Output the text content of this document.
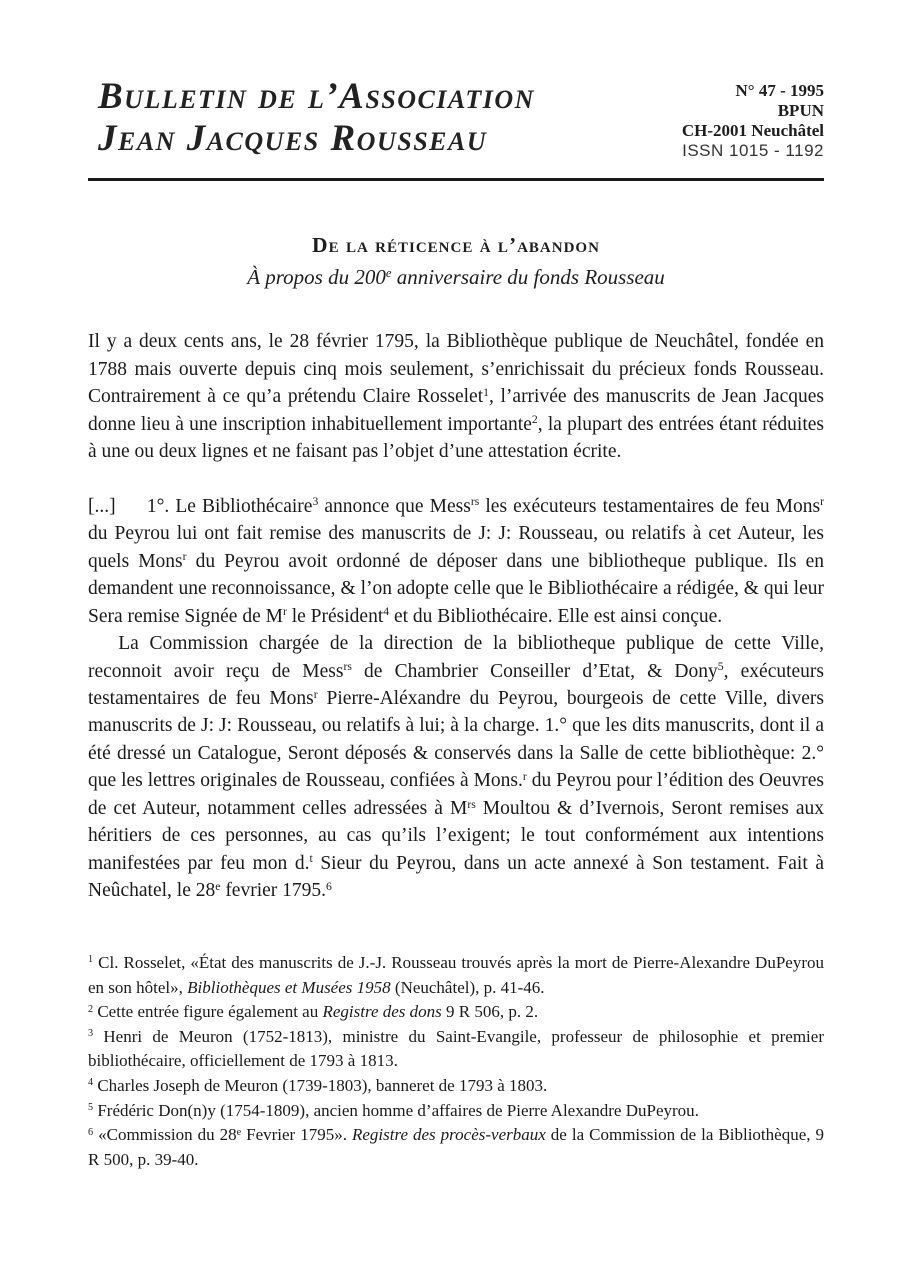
Bulletin de l’Association
Jean Jacques Rousseau
N° 47 - 1995
BPUN
CH-2001 Neuchâtel
ISSN 1015 - 1192
De la réticence à l’abandon
À propos du 200e anniversaire du fonds Rousseau

Il y a deux cents ans, le 28 février 1795, la Bibliothèque publique de Neuchâtel, fondée en 1788 mais ouverte depuis cinq mois seulement, s’enrichissait du précieux fonds Rousseau. Contrairement à ce qu’a prétendu Claire Rosselet$^1$, l’arrivée des manuscrits de Jean Jacques donne lieu à une inscription inhabituellement importante$^2$, la plupart des entrées étant réduites à une ou deux lignes et ne faisant pas l’objet d’une attestation écrite.

[...] 1°. Le Bibliothécaire$^3$ annonce que Mess$^{rs}$ les exécuteurs testamentaires de feu Mons$^r$ du Peyrou lui ont fait remise des manuscrits de J: J: Rousseau, ou relatifs à cet Auteur, les quels Mons$^r$ du Peyrou avoit ordonné de déposer dans une bibliotheque publique. Ils en demandent une reconnoissance, & l’on adopte celle que le Bibliothécaire a rédigée, & qui leur Sera remise Signée de $M^r$ le Président$^4$ et du Bibliothécaire. Elle est ainsi conçue.

La Commission chargée de la direction de la bibliotheque publique de cette Ville, reconnoit avoir reçu de Mess$^{rs}$ de Chambrier Conseiller d’Etat, & Dony$^5$, exécuteurs testamentaires de feu Mons$^r$ Pierre-Aléxandre du Peyrou, bourgeois de cette Ville, divers manuscrits de J: J: Rousseau, ou relatifs à lui; à la charge. 1.° que les dits manuscrits, dont il a été dressé un Catalogue, Seront déposés & conservés dans la Salle de cette bibliothèque: 2.° que les lettres originales de Rousseau, confiées à Mons.$^r$ du Peyrou pour l’édition des Oeuvres de cet Auteur, notamment celles adressées à $M^{rs}$ Moultou & d’Ivernois, Seront remises aux héritiers de ces personnes, au cas qu’ils l’exigent; le tout conformément aux intentions manifestées par feu mon d.$^t$ Sieur du Peyrou, dans un acte annexé à Son testament. Fait à Neûchatel, le 28e fevrier 1795.$^6$

$^1$ Cl. Rosselet, «État des manuscrits de J.-J. Rousseau trouvés après la mort de Pierre-Alexandre DuPeyrou en son hôtel», Bibliothèques et Musées 1958 (Neuchâtel), p. 41-46.

$^2$ Cette entrée figure également au Registre des dons 9 R 506, p. 2.

$^3$ Henri de Meuron (1752-1813), ministre du Saint-Evangile, professeur de philosophie et premier bibliothécaire, officiellement de 1793 à 1813.

$^4$ Charles Joseph de Meuron (1739-1803), banneret de 1793 à 1803.

$^5$ Frédéric Don(n)y (1754-1809), ancien homme d’affaires de Pierre Alexandre DuPeyrou.

$^6$ «Commission du 28e Fevrier 1795». Registre des procès-verbaux de la Commission de la Bibliothèque, 9 R 500, p. 39-40.
